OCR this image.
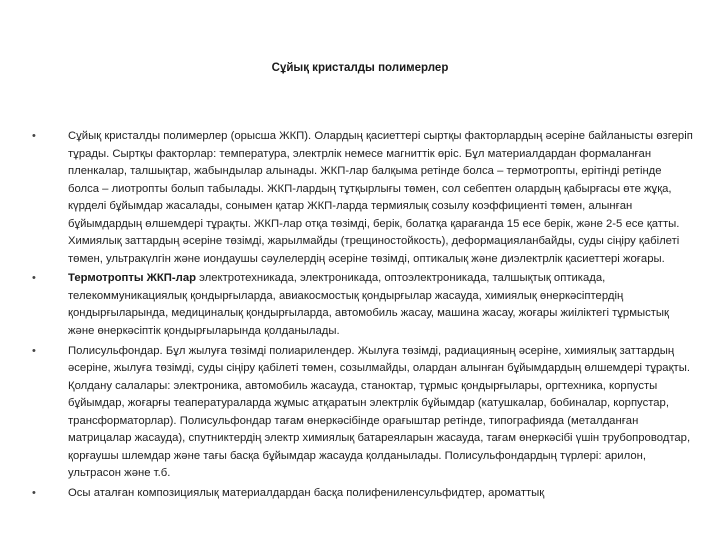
Сұйық кристалды полимерлер
•	Сұйық кристалды полимерлер (орысша ЖКП). Олардың қасиеттері сыртқы факторлардың әсеріне байланысты өзгеріп тұрады. Сыртқы факторлар: температура, электрлік немесе магниттік өріс. Бұл материалдардан формаланған пленкалар, талшықтар, жабындылар алынады. ЖКП-лар балқыма ретінде болса – термотропты, ерітінді ретінде болса – лиотропты болып табылады. ЖКП-лардың тұтқырлығы төмен, сол себептен олардың қабырғасы өте жұқа, күрделі бұйымдар жасалады, сонымен қатар ЖКП-ларда термиялық созылу коэффициенті төмен, алынған бұйымдардың өлшемдері тұрақты. ЖКП-лар отқа төзімді, берік, болатқа қарағанда 15 есе берік, және 2-5 есе қатты. Химиялық заттардың әсеріне төзімді, жарылмайды (трещиностойкость), деформацияланбайды, суды сіңіру қабілеті төмен, ультракүлгін және иондаушы сәулелердің әсеріне төзімді, оптикалық және диэлектрлік қасиеттері жоғары.
•	Термотропты ЖКП-лар электротехникада, электроникада, оптоэлектроникада, талшықтық оптикада, телекоммуникациялық қондырғыларда, авиакосмостық қондырғылар жасауда, химиялық өнеркәсіптердің қондырғыларында, медициналық қондырғыларда, автомобиль жасау, машина жасау, жоғары жиіліктегі тұрмыстық және өнеркәсіптік қондырғыларында қолданылады.
•	Полисульфондар. Бұл жылуға төзімді полиарилендер. Жылуға төзімді, радиацияның әсеріне, химиялық заттардың әсеріне, жылуға төзімді, суды сіңіру қабілеті төмен, созылмайды, олардан алынған бұйымдардың өлшемдері тұрақты. Қолдану салалары: электроника, автомобиль жасауда, станоктар, тұрмыс қондырғылары, оргтехника, корпусты бұйымдар, жоғарғы теаператураларда жұмыс атқаратын электрлік бұйымдар (катушкалар, бобиналар, корпустар, трансформаторлар). Полисульфондар тағам өнеркәсібінде орағыштар ретінде, типографияда (металданған матрицалар жасауда), спутниктердің электр химиялық батареяларын жасауда, тағам өнеркәсібі үшін трубопроводтар, қорғаушы шлемдар және тағы басқа бұйымдар жасауда қолданылады. Полисульфондардың түрлері: арилон, ультрасон және т.б.
•	Осы аталған композициялық материалдардан басқа полифениленсульфидтер, ароматтық
